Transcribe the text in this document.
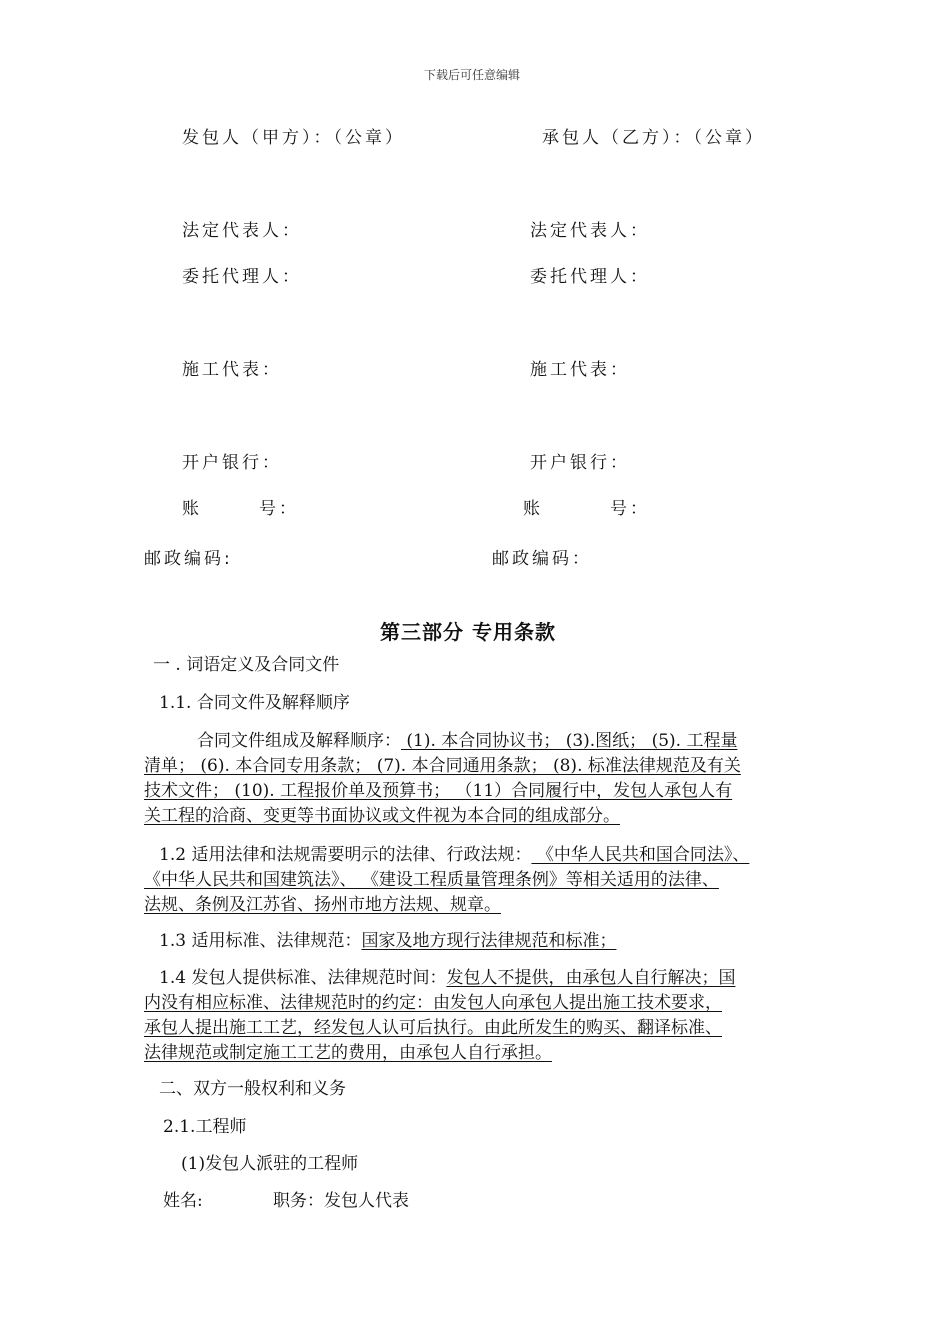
下载后可任意编辑
发包人（甲方）：（公章）	承包人（乙方）：（公章）
法定代表人：	法定代表人：
委托代理人：	委托代理人：
施工代表：	施工代表：
开户银行：	开户银行：
账	号：	账	号：
邮政编码:	邮政编码：
第三部分 专用条款
一 . 词语定义及合同文件
1.1. 合同文件及解释顺序
合同文件组成及解释顺序： (1). 本合同协议书； (3).图纸； (5). 工程量
清单； (6). 本合同专用条款； (7). 本合同通用条款； (8). 标准法律规范及有关
技术文件； (10). 工程报价单及预算书； （11）合同履行中，发包人承包人有
关工程的洽商、变更等书面协议或文件视为本合同的组成部分。
1.2 适用法律和法规需要明示的法律、行政法规： 《中华人民共和国合同法》、
《中华人民共和国建筑法》、 《建设工程质量管理条例》等相关适用的法律、
法规、条例及江苏省、扬州市地方法规、规章。
1.3 适用标准、法律规范：国家及地方现行法律规范和标准；
1.4 发包人提供标准、法律规范时间：发包人不提供，由承包人自行解决；国
内没有相应标准、法律规范时的约定：由发包人向承包人提出施工技术要求，
承包人提出施工工艺，经发包人认可后执行。由此所发生的购买、翻译标准、
法律规范或制定施工工艺的费用，由承包人自行承担。
二、双方一般权利和义务
2.1.工程师
(1)发包人派驻的工程师
姓名:	职务：发包人代表
